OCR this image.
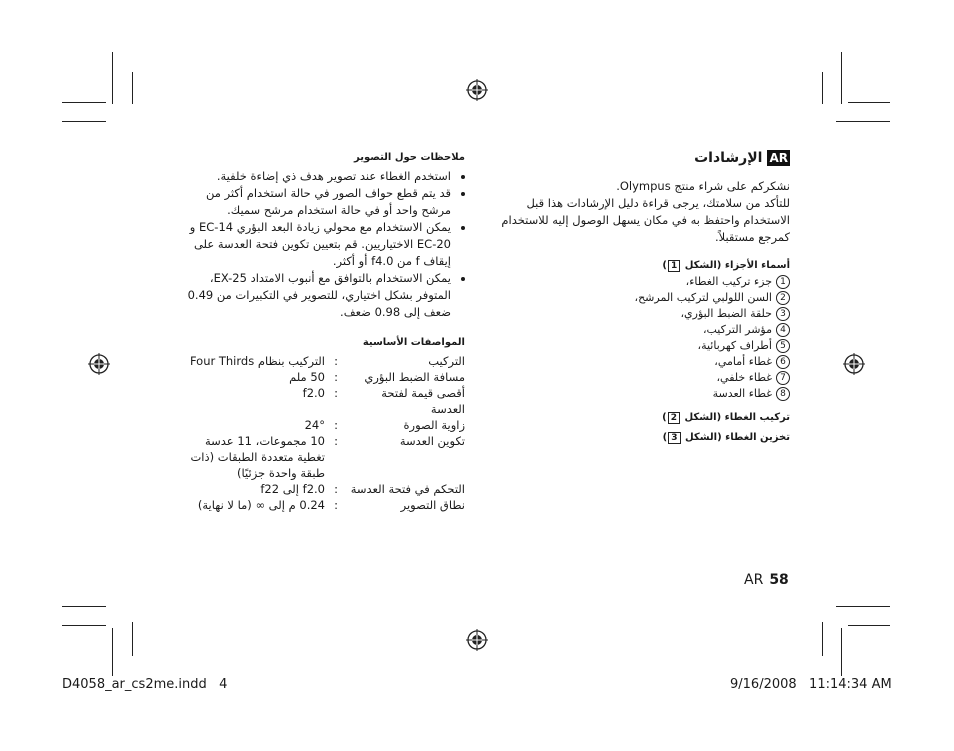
AR
الإرشادات
نشكركم على شراء منتج Olympus.
للتأكد من سلامتك، يرجى قراءة دليل الإرشادات هذا قبل الاستخدام واحتفظ به في مكان يسهل الوصول إليه للاستخدام كمرجع مستقبلاً.
أسماء الأجزاء (الشكل 1)
1
جزء تركيب الغطاء،
2
السن اللولبي لتركيب المرشح،
3
حلقة الضبط البؤري،
4
مؤشر التركيب،
5
أطراف كهربائية،
6
غطاء أمامي،
7
غطاء خلفي،
8
غطاء العدسة
تركيب الغطاء (الشكل 2)
تخزين الغطاء (الشكل 3)
ملاحظات حول التصوير
• استخدم الغطاء عند تصوير هدف ذي إضاءة خلفية.
• قد يتم قطع حواف الصور في حالة استخدام أكثر من مرشح واحد أو في حالة استخدام مرشح سميك.
• يمكن الاستخدام مع محولي زيادة البعد البؤري EC-14 و EC-20 الاختياريين. قم بتعيين تكوين فتحة العدسة على إيقاف f من f4.0 أو أكثر.
• يمكن الاستخدام بالتوافق مع أنبوب الامتداد EX-25، المتوفر بشكل اختياري، للتصوير في التكبيرات من 0.49 ضعف إلى 0.98 ضعف.
المواصفات الأساسية
التركيب	:	التركيب بنظام Four Thirds
مسافة الضبط البؤري	:	50 ملم
أقصى قيمة لفتحة العدسة	:	f2.0
زاوية الصورة	:	24°
تكوين العدسة	:	10 مجموعات، 11 عدسة
		تغطية متعددة الطبقات (ذات طبقة واحدة جزئيًا)
التحكم في فتحة العدسة	:	f2.0 إلى f22
نطاق التصوير	:	0.24 م إلى ∞ (ما لا نهاية)
AR 58
D4058_ar_cs2me.indd   4	9/16/2008   11:14:34 AM
